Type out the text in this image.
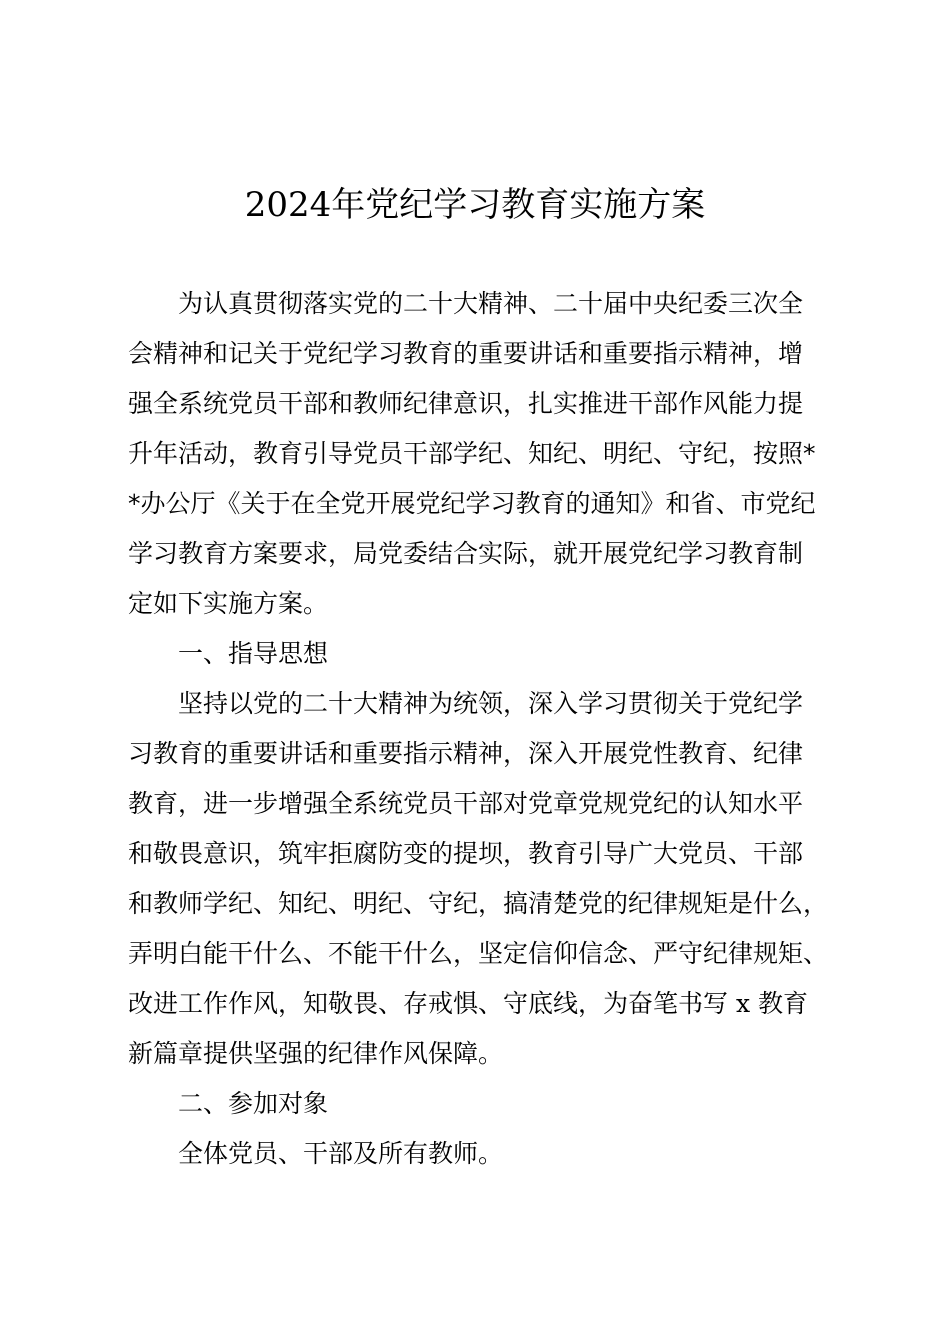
2024年党纪学习教育实施方案
为认真贯彻落实党的二十大精神、二十届中央纪委三次全
会精神和记关于党纪学习教育的重要讲话和重要指示精神，增
强全系统党员干部和教师纪律意识，扎实推进干部作风能力提
升年活动，教育引导党员干部学纪、知纪、明纪、守纪，按照*
*办公厅《关于在全党开展党纪学习教育的通知》和省、市党纪
学习教育方案要求，局党委结合实际，就开展党纪学习教育制
定如下实施方案。
一、指导思想
坚持以党的二十大精神为统领，深入学习贯彻关于党纪学
习教育的重要讲话和重要指示精神，深入开展党性教育、纪律
教育，进一步增强全系统党员干部对党章党规党纪的认知水平
和敬畏意识，筑牢拒腐防变的提坝，教育引导广大党员、干部
和教师学纪、知纪、明纪、守纪，搞清楚党的纪律规矩是什么，
弄明白能干什么、不能干什么，坚定信仰信念、严守纪律规矩、
改进工作作风，知敬畏、存戒惧、守底线，为奋笔书写 x 教育
新篇章提供坚强的纪律作风保障。
二、参加对象
全体党员、干部及所有教师。
